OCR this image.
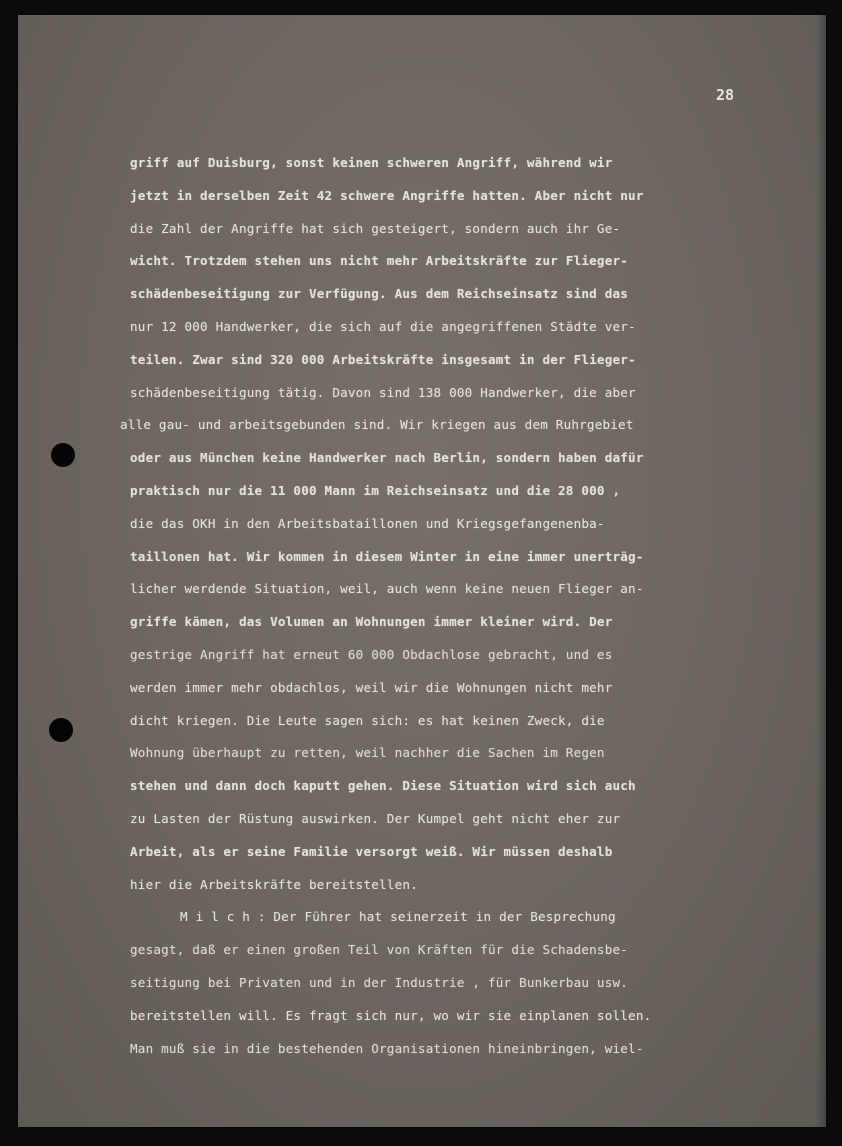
28
griff auf Duisburg, sonst keinen schweren Angriff, während wir
jetzt in derselben Zeit 42 schwere Angriffe hatten. Aber nicht nur
die Zahl der Angriffe hat sich gesteigert, sondern auch ihr Ge-
wicht. Trotzdem stehen uns nicht mehr Arbeitskräfte zur Flieger-
schädenbeseitigung zur Verfügung. Aus dem Reichseinsatz sind das
nur 12 000 Handwerker, die sich auf die angegriffenen Städte ver-
teilen. Zwar sind 320 000 Arbeitskräfte insgesamt in der Flieger-
schädenbeseitigung tätig. Davon sind 138 000 Handwerker, die aber
alle gau- und arbeitsgebunden sind. Wir kriegen aus dem Ruhrgebiet
oder aus München keine Handwerker nach Berlin, sondern haben dafür
praktisch nur die 11 000 Mann im Reichseinsatz und die 28 000 ,
die das OKH in den Arbeitsbataillonen und Kriegsgefangenenba-
taillonen hat. Wir kommen in diesem Winter in eine immer unerträg-
licher werdende Situation, weil, auch wenn keine neuen Flieger an-
griffe kämen, das Volumen an Wohnungen immer kleiner wird. Der
gestrige Angriff hat erneut 60 000 Obdachlose gebracht, und es
werden immer mehr obdachlos, weil wir die Wohnungen nicht mehr
dicht kriegen. Die Leute sagen sich: es hat keinen Zweck, die
Wohnung überhaupt zu retten, weil nachher die Sachen im Regen
stehen und dann doch kaputt gehen. Diese Situation wird sich auch
zu Lasten der Rüstung auswirken. Der Kumpel geht nicht eher zur
Arbeit, als er seine Familie versorgt weiß. Wir müssen deshalb
hier die Arbeitskräfte bereitstellen.
M i l c h : Der Führer hat seinerzeit in der Besprechung
gesagt, daß er einen großen Teil von Kräften für die Schadensbe-
seitigung bei Privaten und in der Industrie , für Bunkerbau usw.
bereitstellen will. Es fragt sich nur, wo wir sie einplanen sollen.
Man muß sie in die bestehenden Organisationen hineinbringen, wiel-
